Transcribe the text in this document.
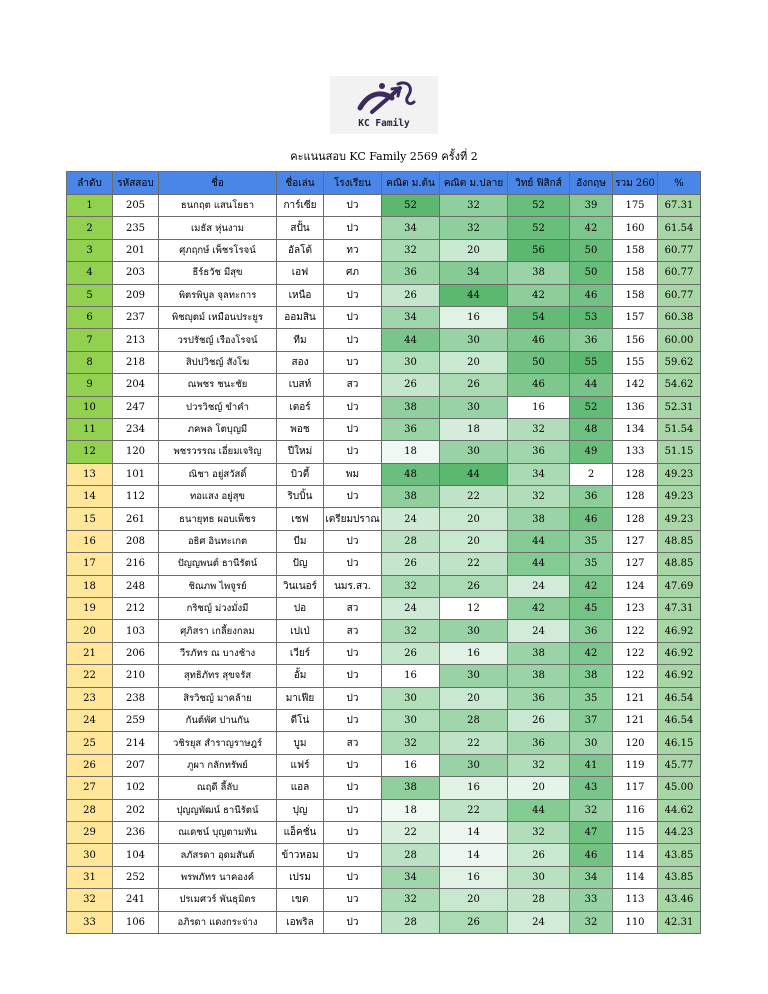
KC Family
คะแนนสอบ KC Family 2569 ครั้งที่ 2
ลำดับ	รหัสสอบ	ชื่อ	ชื่อเล่น	โรงเรียน	คณิต ม.ต้น	คณิต ม.ปลาย	วิทย์ ฟิสิกส์	อังกฤษ	รวม 260	%
1	205	ธนกฤต แสนโยธา	การ์เซีย	ปว	52	32	52	39	175	67.31
2	235	เมธัส หุ่นงาม	สปั้น	ปว	34	32	52	42	160	61.54
3	201	ศุภฤกษ์ เพ็ชรโรจน์	อัลโต้	ทว	32	20	56	50	158	60.77
4	203	ธีร์ธวัช มีสุข	เอฟ	ศภ	36	34	38	50	158	60.77
5	209	พิตรพิบูล จุลทะการ	เหนือ	ปว	26	44	42	46	158	60.77
6	237	พิชญุตม์ เหมือนประยูร	ออมสิน	ปว	34	16	54	53	157	60.38
7	213	วรปรัชญ์ เรืองโรจน์	ทีม	ปว	44	30	46	36	156	60.00
8	218	สิปปวิชญ์ สังโฆ	สอง	บว	30	20	50	55	155	59.62
9	204	ณพชร ชนะชัย	เบสท์	สว	26	26	46	44	142	54.62
10	247	ปวรวิชญ์ ขำคำ	เตอร์	ปว	38	30	16	52	136	52.31
11	234	ภคพล โตบุญมี	พอช	ปว	36	18	32	48	134	51.54
12	120	พชรวรรณ เอี่ยมเจริญ	ปีใหม่	ปว	18	30	36	49	133	51.15
13	101	ณิชา อยู่สวัสดิ์	บิวตี้	พม	48	44	34	2	128	49.23
14	112	ทอแสง อยู่สุข	ริบบิ้น	ปว	38	22	32	36	128	49.23
15	261	ธนายุทธ ผอบเพ็ชร	เชฟ	เตรียมปราณ	24	20	38	46	128	49.23
16	208	อธิศ อินทะเกต	บีม	ปว	28	20	44	35	127	48.85
17	216	ปัญญพนต์ ธานีรัตน์	ปัญ	ปว	26	22	44	35	127	48.85
18	248	ชิณภพ ไพจูรย์	วินเนอร์	นมร.สว.	32	26	24	42	124	47.69
19	212	กริชญ์ ม่วงมั่งมี	ปอ	สว	24	12	42	45	123	47.31
20	103	ศุภิสรา เกลี้ยงกลม	เปเป่	สว	32	30	24	36	122	46.92
21	206	วีรภัทร ณ บางช้าง	เวียร์	ปว	26	16	38	42	122	46.92
22	210	สุทธิภัทร สุขจรัส	อั้ม	ปว	16	30	38	38	122	46.92
23	238	สิรวิชญ์ มาคล้าย	มาเฟีย	ปว	30	20	36	35	121	46.54
24	259	กันต์พัศ ปานกัน	ดีโน่	ปว	30	28	26	37	121	46.54
25	214	วชิรยุส สำราญราษฎร์	บูม	สว	32	22	36	30	120	46.15
26	207	ภูผา กลักทรัพย์	แฟร์	ปว	16	30	32	41	119	45.77
27	102	ณฤดี ลี้ลับ	แอล	ปว	38	16	20	43	117	45.00
28	202	ปุญญพัฒน์ ธานีรัตน์	ปุญ	ปว	18	22	44	32	116	44.62
29	236	ณเดชน์ บุญตามทัน	แอ็คชั่น	ปว	22	14	32	47	115	44.23
30	104	ลภัสรดา อุดมสันต์	ข้าวหอม	ปว	28	14	26	46	114	43.85
31	252	พรพภัทร นาคองค์	เปรม	ปว	34	16	30	34	114	43.85
32	241	ปรเมศวร์ พันธุมิตร	เขต	บว	32	20	28	33	113	43.46
33	106	อภิรดา แดงกระจ่าง	เอพริล	ปว	28	26	24	32	110	42.31
